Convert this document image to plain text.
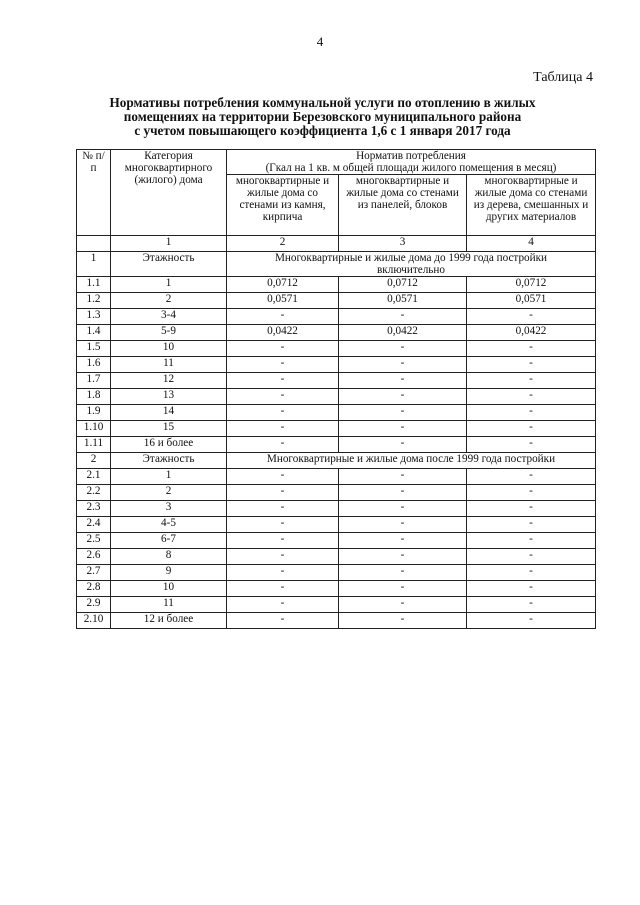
4
Таблица 4
Нормативы потребления коммунальной услуги по отоплению в жилых
помещениях на территории Березовского муниципального района
с учетом повышающего коэффициента 1,6 с 1 января 2017 года
№ п/п	Категория многоквартирного (жилого) дома	Норматив потребления
(Гкал на 1 кв. м общей площади жилого помещения в месяц)		

		многоквартирные и жилые дома со стенами из камня, кирпича	многоквартирные и жилые дома со стенами из панелей, блоков	многоквартирные и жилые дома со стенами из дерева, смешанных и других материалов
	1	2	3	4
1	Этажность	Многоквартирные и жилые дома до 1999 года постройки включительно		
1.1	1	0,0712	0,0712	0,0712
1.2	2	0,0571	0,0571	0,0571
1.3	3-4	-	-	-
1.4	5-9	0,0422	0,0422	0,0422
1.5	10	-	-	-
1.6	11	-	-	-
1.7	12	-	-	-
1.8	13	-	-	-
1.9	14	-	-	-
1.10	15	-	-	-
1.11	16 и более	-	-	-
2	Этажность	Многоквартирные и жилые дома после 1999 года постройки		
2.1	1	-	-	-
2.2	2	-	-	-
2.3	3	-	-	-
2.4	4-5	-	-	-
2.5	6-7	-	-	-
2.6	8	-	-	-
2.7	9	-	-	-
2.8	10	-	-	-
2.9	11	-	-	-
2.10	12 и более	-	-	-
